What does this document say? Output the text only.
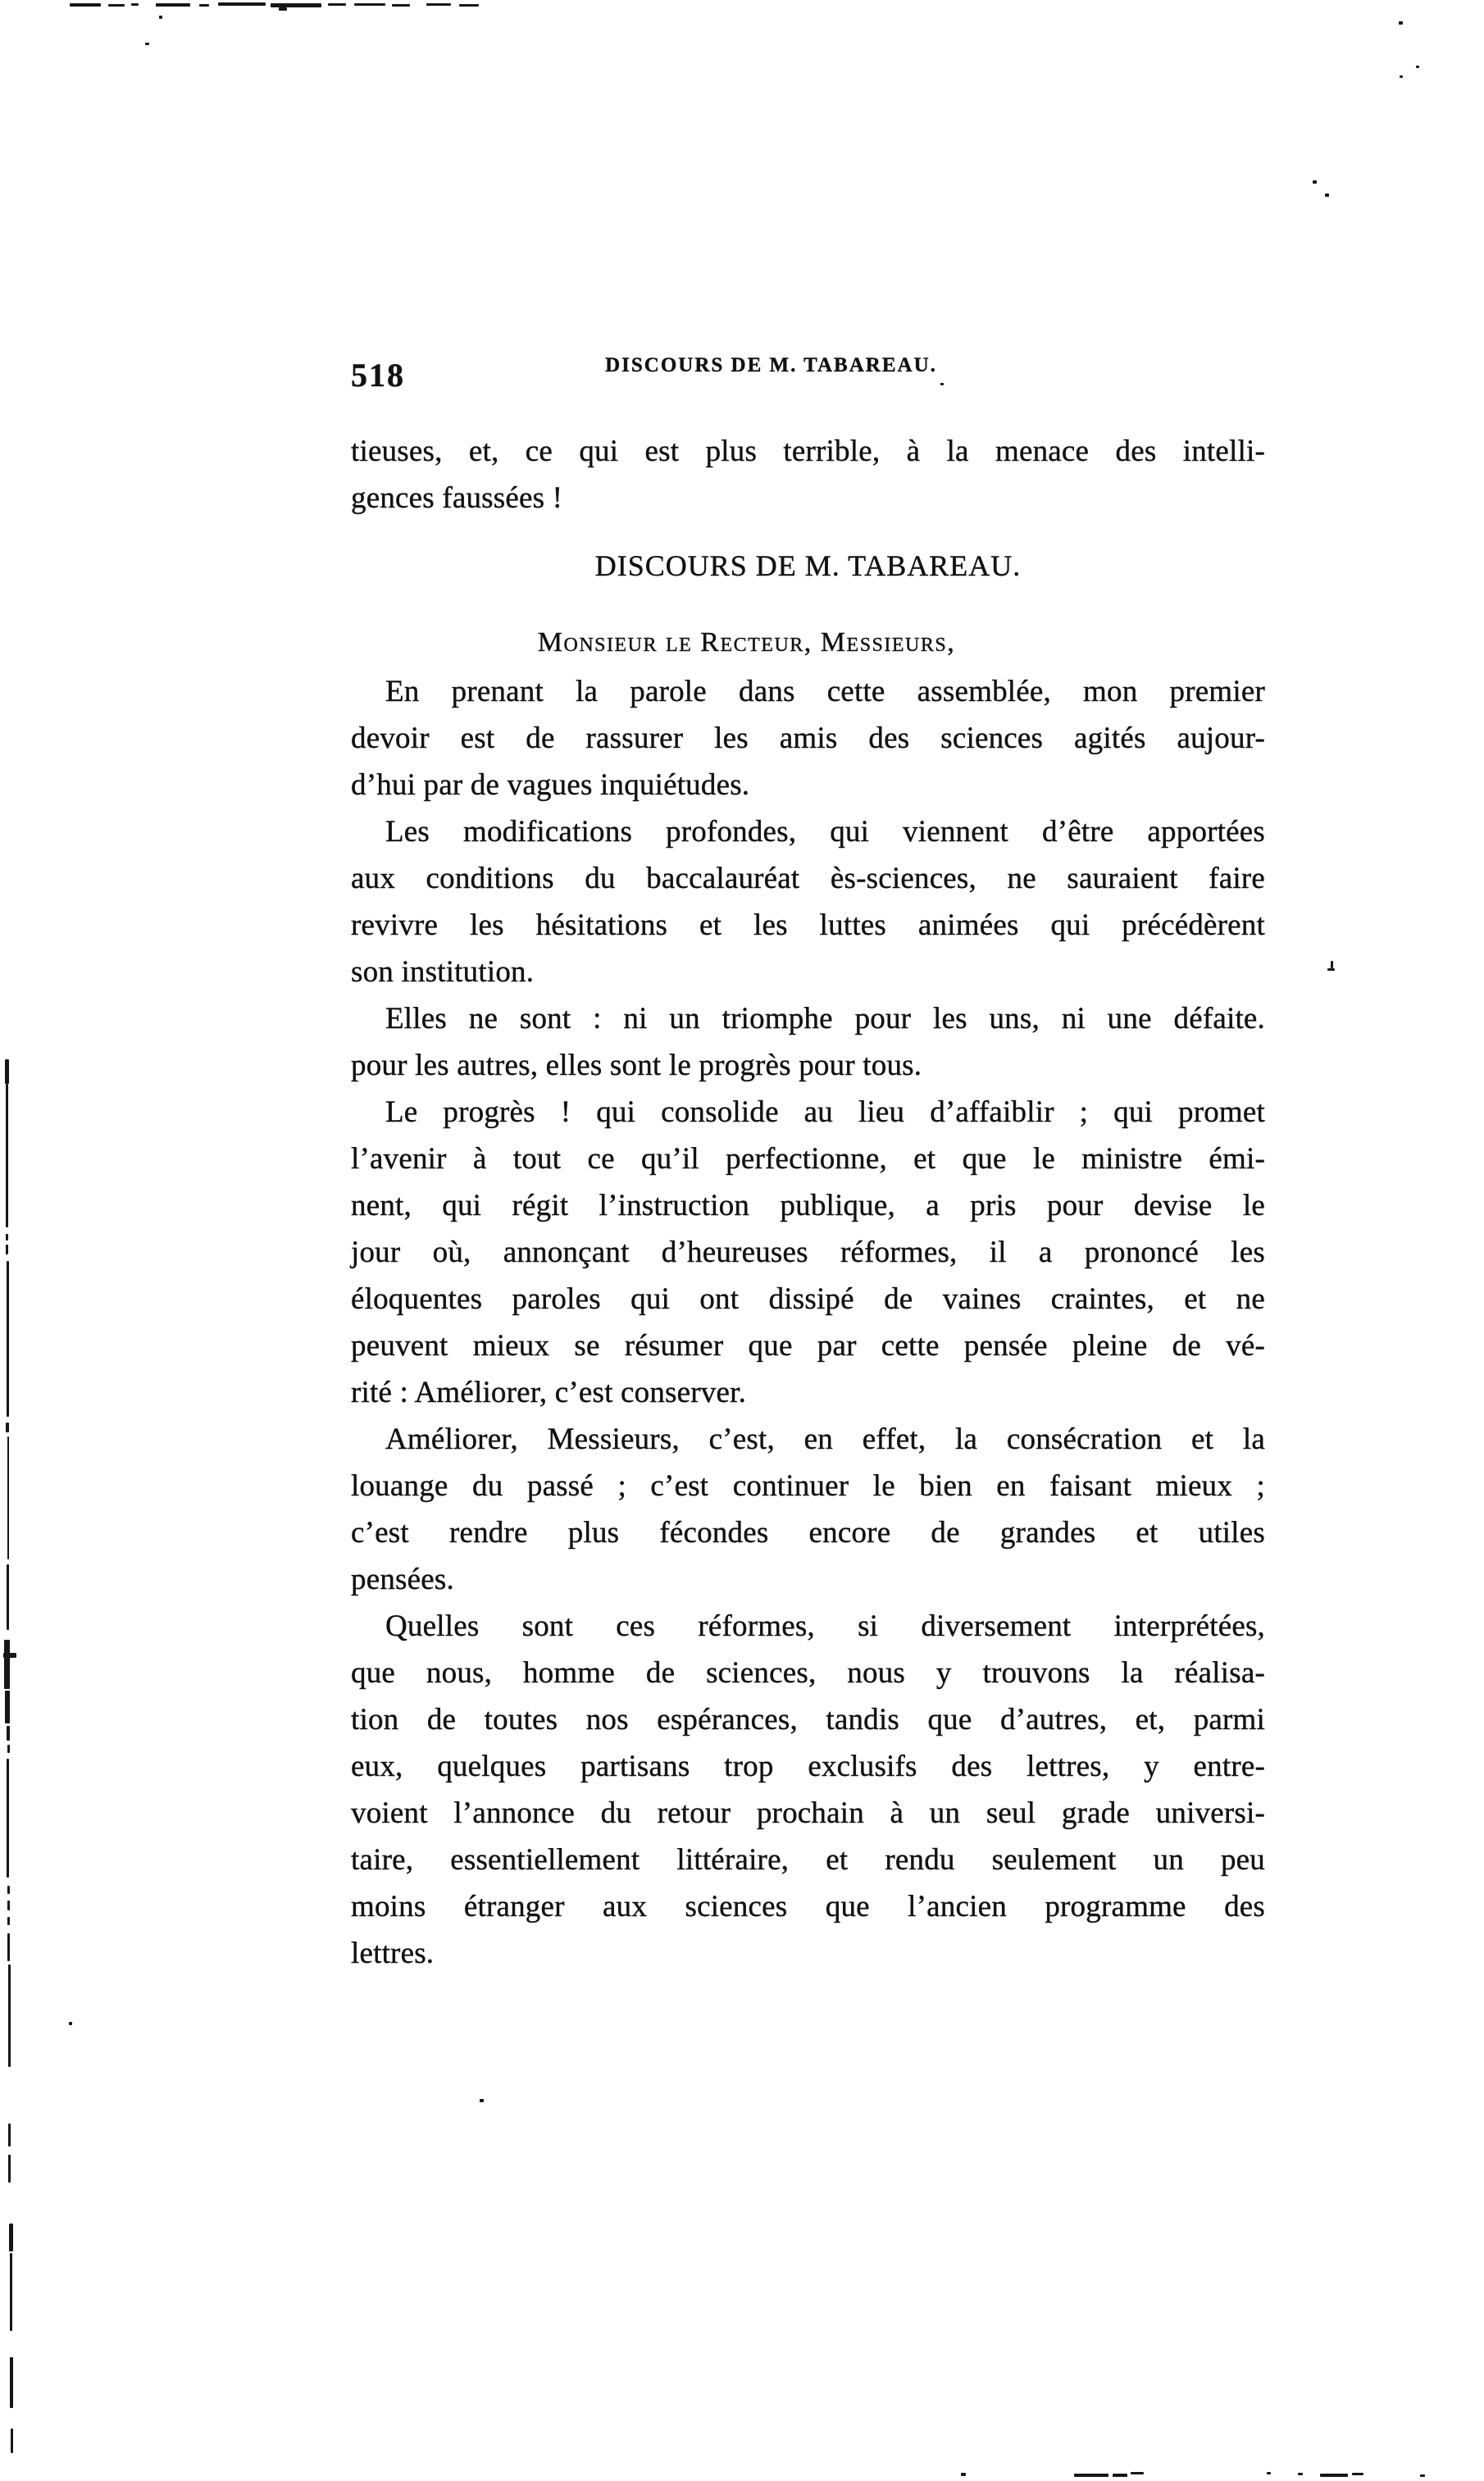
518	DISCOURS DE M. TABAREAU.
tieuses, et, ce qui est plus terrible, à la menace des intelli-
gences faussées !
DISCOURS DE M. TABAREAU.
Monsieur le Recteur, Messieurs,
En prenant la parole dans cette assemblée, mon premier
devoir est de rassurer les amis des sciences agités aujour-
d’hui par de vagues inquiétudes.
Les modifications profondes, qui viennent d’être apportées
aux conditions du baccalauréat ès-sciences, ne sauraient faire
revivre les hésitations et les luttes animées qui précédèrent
son institution.
Elles ne sont : ni un triomphe pour les uns, ni une défaite.
pour les autres, elles sont le progrès pour tous.
Le progrès ! qui consolide au lieu d’affaiblir ; qui promet
l’avenir à tout ce qu’il perfectionne, et que le ministre émi-
nent, qui régit l’instruction publique, a pris pour devise le
jour où, annonçant d’heureuses réformes, il a prononcé les
éloquentes paroles qui ont dissipé de vaines craintes, et ne
peuvent mieux se résumer que par cette pensée pleine de vé-
rité : Améliorer, c’est conserver.
Améliorer, Messieurs, c’est, en effet, la consécration et la
louange du passé ; c’est continuer le bien en faisant mieux ;
c’est rendre plus fécondes encore de grandes et utiles
pensées.
Quelles sont ces réformes, si diversement interprétées,
que nous, homme de sciences, nous y trouvons la réalisa-
tion de toutes nos espérances, tandis que d’autres, et, parmi
eux, quelques partisans trop exclusifs des lettres, y entre-
voient l’annonce du retour prochain à un seul grade universi-
taire, essentiellement littéraire, et rendu seulement un peu
moins étranger aux sciences que l’ancien programme des
lettres.
